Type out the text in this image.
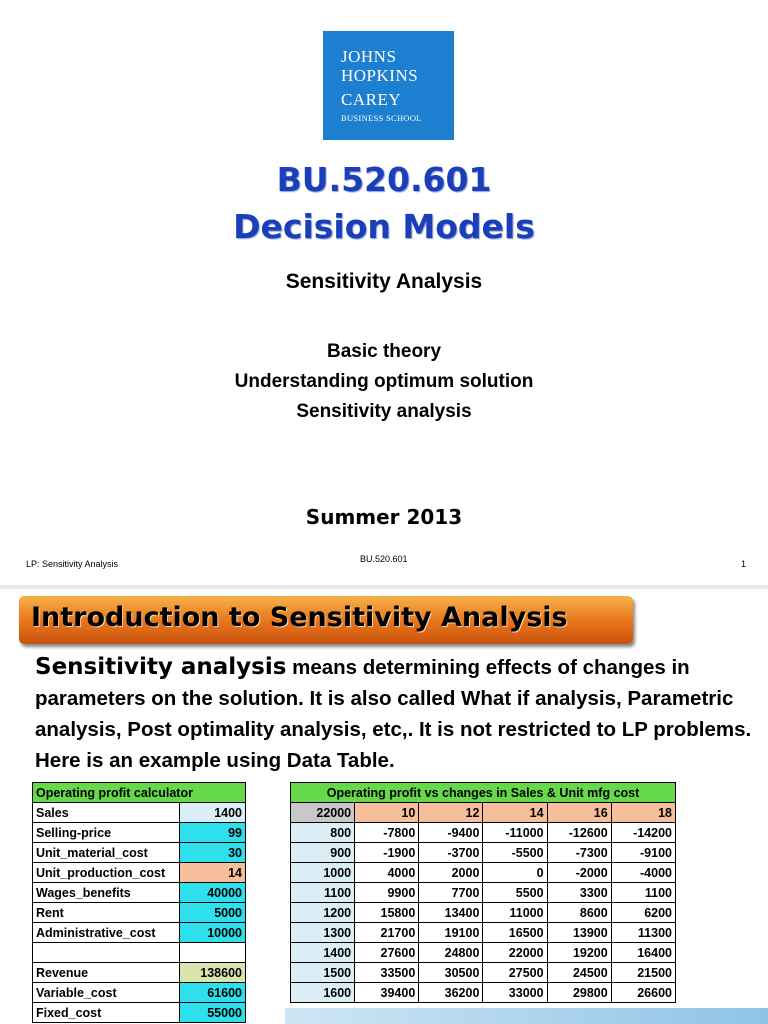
JOHNS
HOPKINS
CAREY
BUSINESS SCHOOL
BU.520.601
Decision Models
Sensitivity Analysis
Basic theory
Understanding optimum solution
Sensitivity analysis
Summer 2013
LP: Sensitivity Analysis	BU.520.601	1
Introduction to Sensitivity Analysis
Sensitivity analysis means determining effects of changes in parameters on the solution. It is also called What if analysis, Parametric analysis, Post optimality analysis, etc,. It is not restricted to LP problems. Here is an example using Data Table.
Operating profit calculator	
Sales	1400
Selling-price	99
Unit_material_cost	30
Unit_production_cost	14
Wages_benefits	40000
Rent	5000
Administrative_cost	10000

Revenue	138600
Variable_cost	61600
Fixed_cost	55000
Operating profit vs changes in Sales & Unit mfg cost					
22000	10	12	14	16	18
800	-7800	-9400	-11000	-12600	-14200
900	-1900	-3700	-5500	-7300	-9100
1000	4000	2000	0	-2000	-4000
1100	9900	7700	5500	3300	1100
1200	15800	13400	11000	8600	6200
1300	21700	19100	16500	13900	11300
1400	27600	24800	22000	19200	16400
1500	33500	30500	27500	24500	21500
1600	39400	36200	33000	29800	26600
